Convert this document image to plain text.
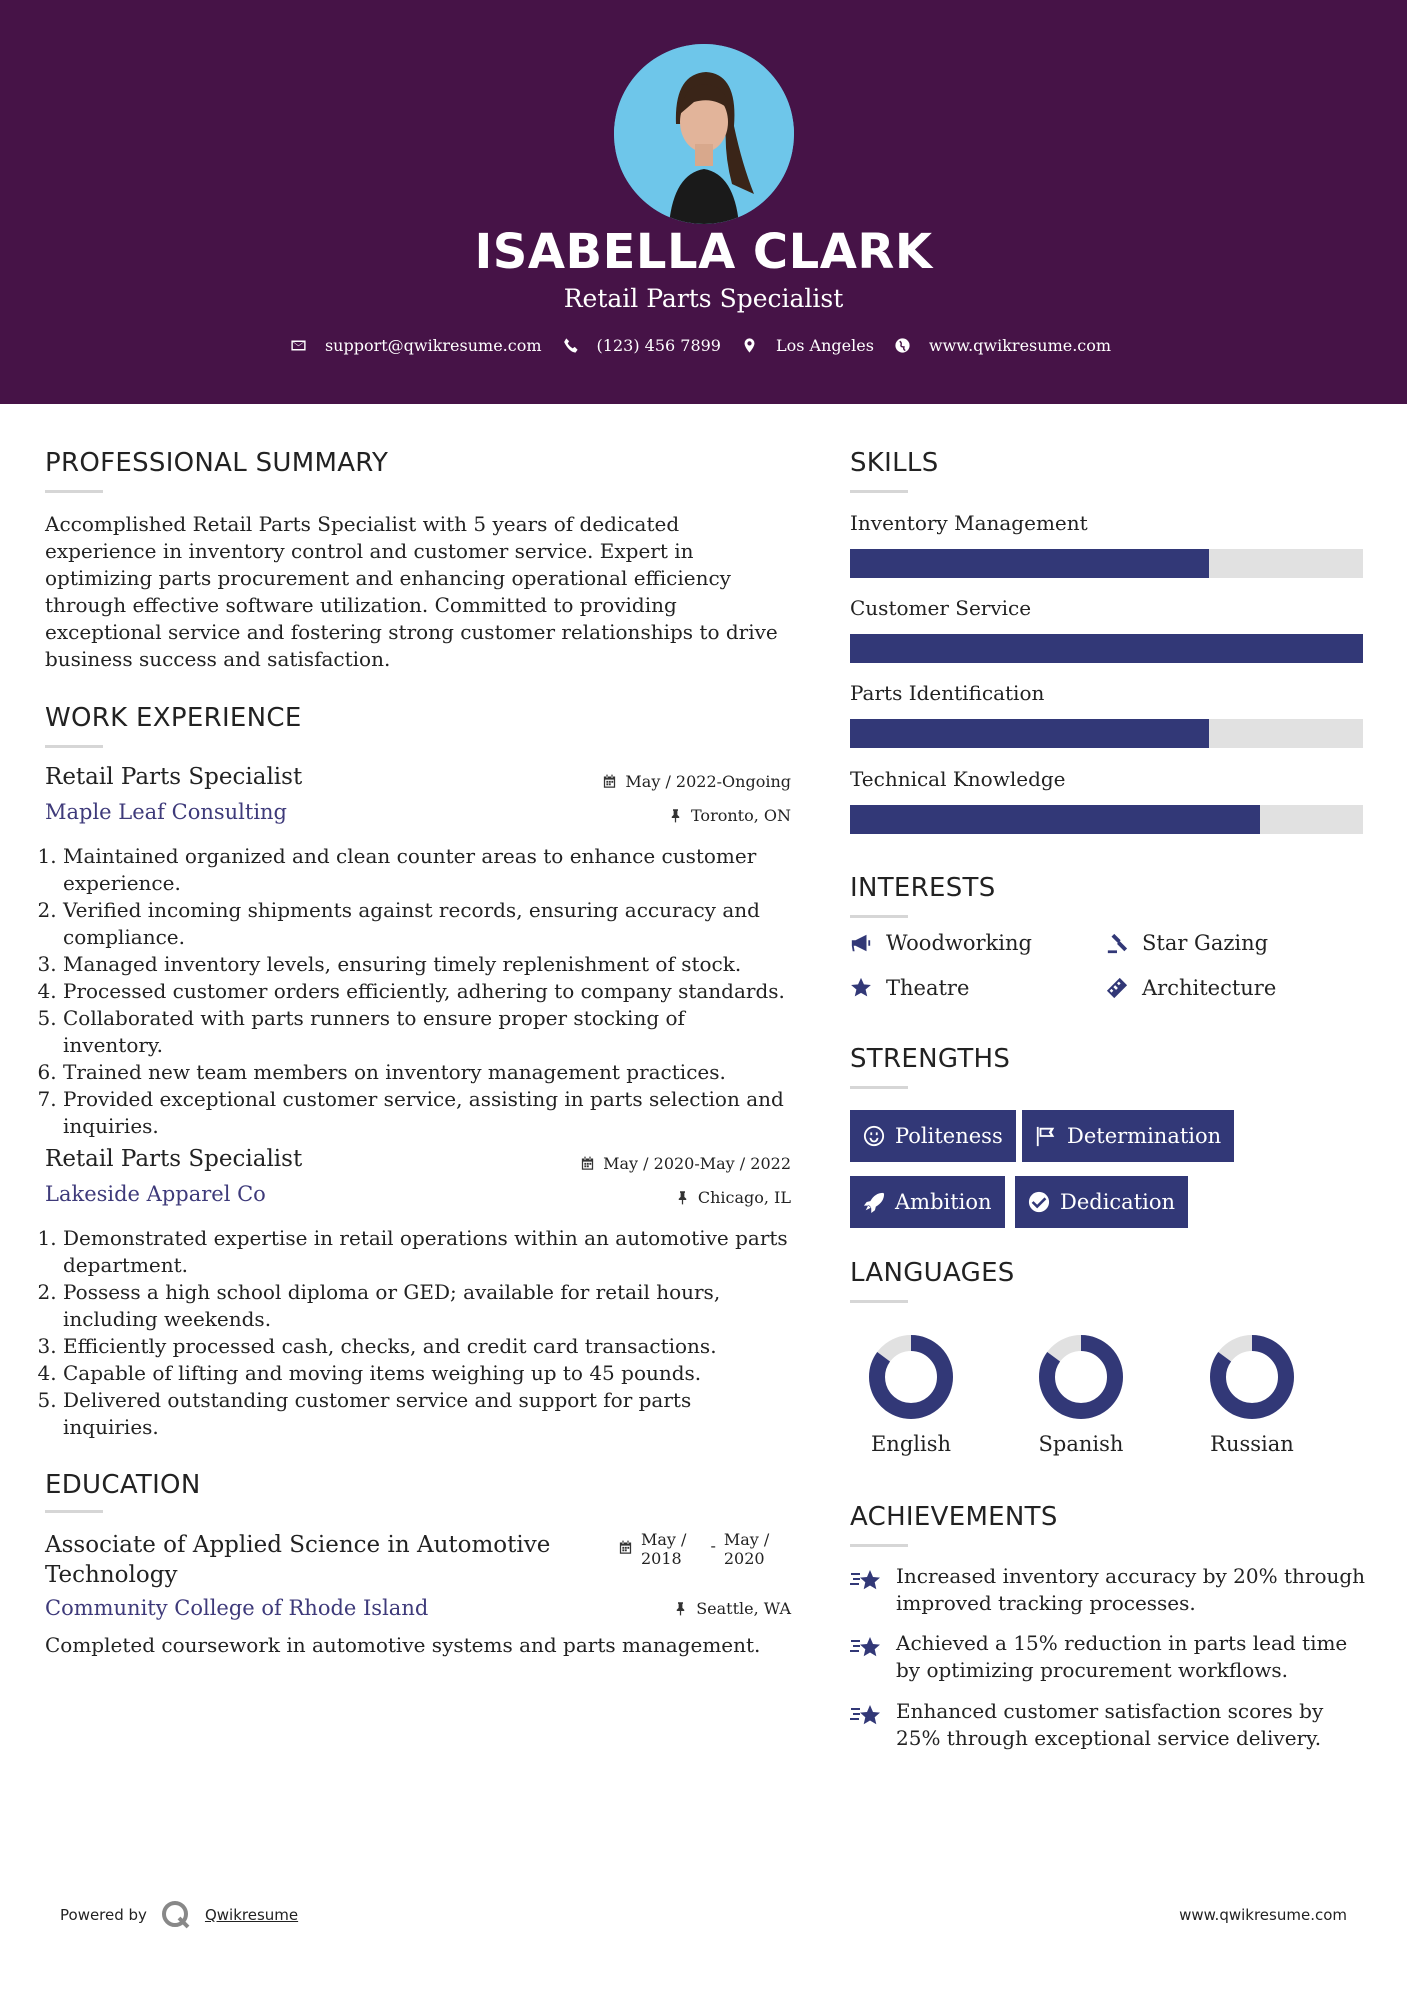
ISABELLA CLARK
Retail Parts Specialist
support@qwikresume.com	(123) 456 7899	Los Angeles	www.qwikresume.com
PROFESSIONAL SUMMARY
Accomplished Retail Parts Specialist with 5 years of dedicated experience in inventory control and customer service. Expert in optimizing parts procurement and enhancing operational efficiency through effective software utilization. Committed to providing exceptional service and fostering strong customer relationships to drive business success and satisfaction.
WORK EXPERIENCE
Retail Parts Specialist	May / 2022-Ongoing
Maple Leaf Consulting	Toronto, ON
1. Maintained organized and clean counter areas to enhance customer experience.
2. Verified incoming shipments against records, ensuring accuracy and compliance.
3. Managed inventory levels, ensuring timely replenishment of stock.
4. Processed customer orders efficiently, adhering to company standards.
5. Collaborated with parts runners to ensure proper stocking of inventory.
6. Trained new team members on inventory management practices.
7. Provided exceptional customer service, assisting in parts selection and inquiries.
Retail Parts Specialist	May / 2020-May / 2022
Lakeside Apparel Co	Chicago, IL
1. Demonstrated expertise in retail operations within an automotive parts department.
2. Possess a high school diploma or GED; available for retail hours, including weekends.
3. Efficiently processed cash, checks, and credit card transactions.
4. Capable of lifting and moving items weighing up to 45 pounds.
5. Delivered outstanding customer service and support for parts inquiries.
EDUCATION
Associate of Applied Science in Automotive Technology
May /
2018
- May /
2020
Community College of Rhode Island	Seattle, WA
Completed coursework in automotive systems and parts management.
SKILLS
Inventory Management
Customer Service
Parts Identification
Technical Knowledge
INTERESTS
Woodworking	Star Gazing
Theatre	Architecture
STRENGTHS
Politeness	Determination
Ambition	Dedication
LANGUAGES
English	Spanish	Russian
ACHIEVEMENTS
Increased inventory accuracy by 20% through improved tracking processes.
Achieved a 15% reduction in parts lead time by optimizing procurement workflows.
Enhanced customer satisfaction scores by 25% through exceptional service delivery.
Powered by	Qwikresume	www.qwikresume.com
